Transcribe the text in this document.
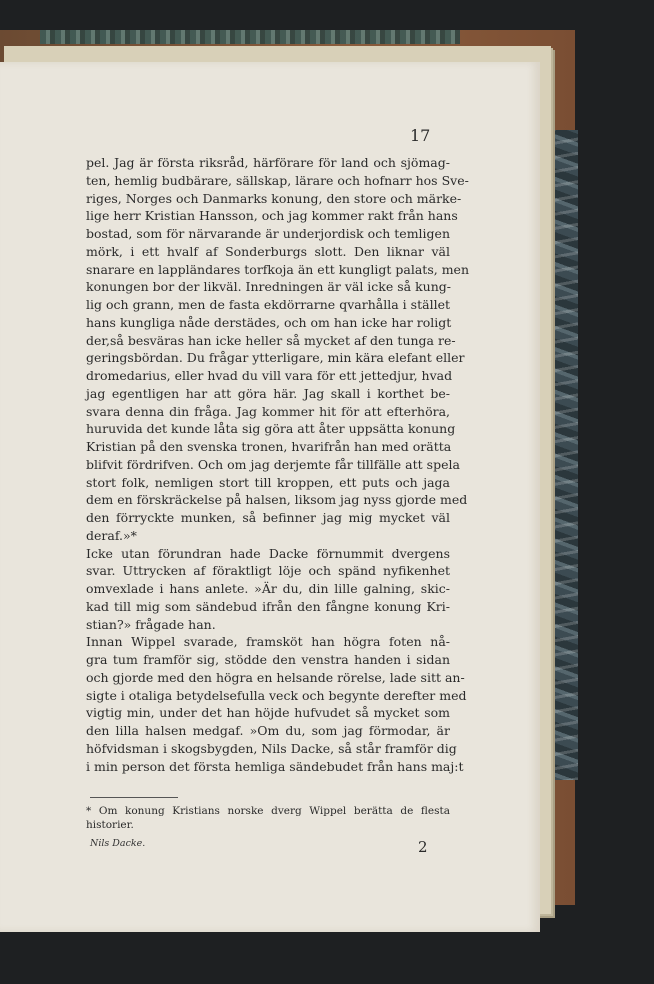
17
pel. Jag är första riksråd, härförare för land och sjömag-
ten, hemlig budbärare, sällskap, lärare och hofnarr hos Sve-
riges, Norges och Danmarks konung, den store och märke-
lige herr Kristian Hansson, och jag kommer rakt från hans
bostad, som för närvarande är underjordisk och temligen
mörk, i ett hvalf af Sonderburgs slott. Den liknar väl
snarare en lappländares torfkoja än ett kungligt palats, men
konungen bor der likväl. Inredningen är väl icke så kung-
lig och grann, men de fasta ekdörrarne qvarhålla i stället
hans kungliga nåde derstädes, och om han icke har roligt
der,så besväras han icke heller så mycket af den tunga re-
geringsbördan. Du frågar ytterligare, min kära elefant eller
dromedarius, eller hvad du vill vara för ett jettedjur, hvad
jag egentligen har att göra här. Jag skall i korthet be-
svara denna din fråga. Jag kommer hit för att efterhöra,
huruvida det kunde låta sig göra att åter uppsätta konung
Kristian på den svenska tronen, hvarifrån han med orätta
blifvit fördrifven. Och om jag derjemte får tillfälle att spela
stort folk, nemligen stort till kroppen, ett puts och jaga
dem en förskräckelse på halsen, liksom jag nyss gjorde med
den förryckte munken, så befinner jag mig mycket väl
deraf.»*
Icke utan förundran hade Dacke förnummit dvergens
svar. Uttrycken af föraktligt löje och spänd nyfikenhet
omvexlade i hans anlete. »Är du, din lille galning, skic-
kad till mig som sändebud ifrån den fångne konung Kri-
stian?» frågade han.
Innan Wippel svarade, framsköt han högra foten nå-
gra tum framför sig, stödde den venstra handen i sidan
och gjorde med den högra en helsande rörelse, lade sitt an-
sigte i otaliga betydelsefulla veck och begynte derefter med
vigtig min, under det han höjde hufvudet så mycket som
den lilla halsen medgaf. »Om du, som jag förmodar, är
höfvidsman i skogsbygden, Nils Dacke, så står framför dig
i min person det första hemliga sändebudet från hans maj:t
* Om konung Kristians norske dverg Wippel berätta de flesta
historier.
Nils Dacke.	2
